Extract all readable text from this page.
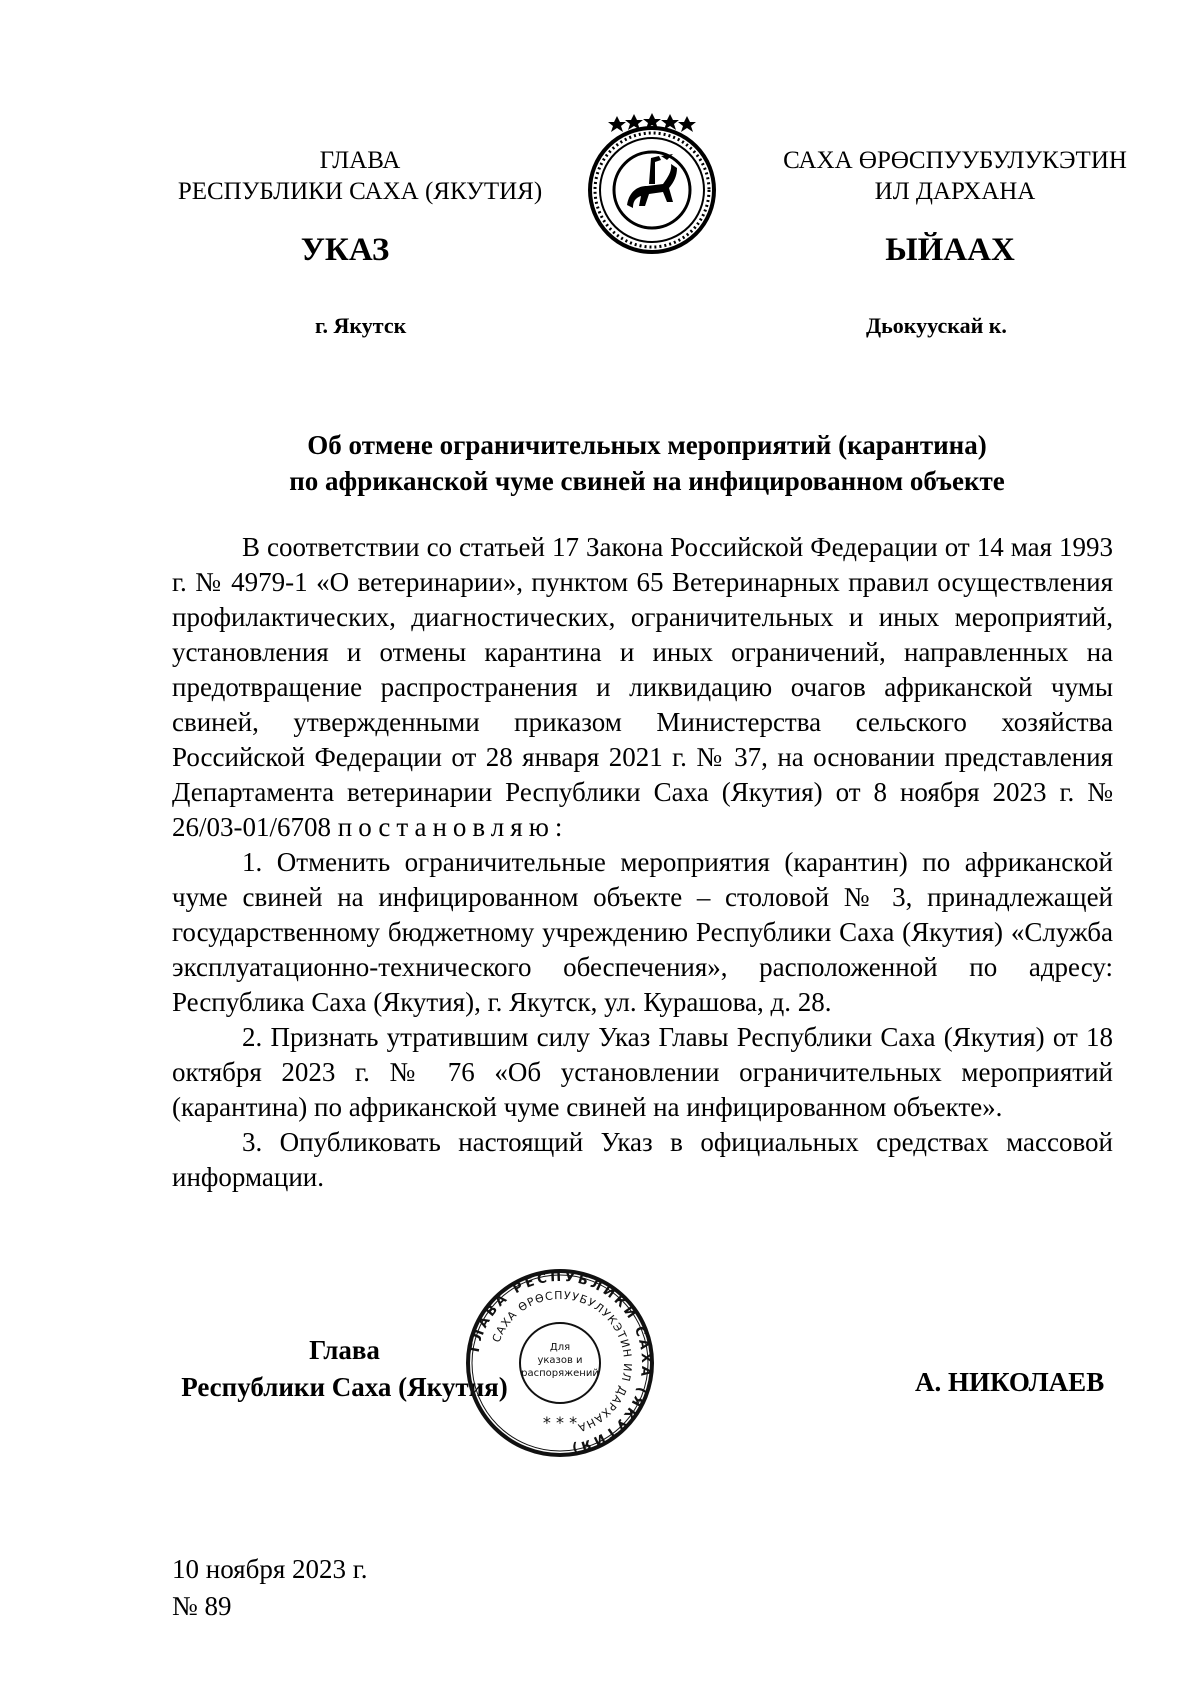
ГЛАВА
РЕСПУБЛИКИ САХА (ЯКУТИЯ)
САХА ӨРӨСПУУБУЛУКЭТИН
ИЛ ДАРХАНА
УКАЗ	ЫЙААХ
г. Якутск	Дьокуускай к.
Об отмене ограничительных мероприятий (карантина)
по африканской чуме свиней на инфицированном объекте

В соответствии со статьей 17 Закона Российской Федерации от 14 мая 1993 г. № 4979-1 «О ветеринарии», пунктом 65 Ветеринарных правил осуществления профилактических, диагностических, ограничительных и иных мероприятий, установления и отмены карантина и иных ограничений, направленных на предотвращение распространения и ликвидацию очагов африканской чумы свиней, утвержденными приказом Министерства сельского хозяйства Российской Федерации от 28 января 2021 г. № 37, на основании представления Департамента ветеринарии Республики Саха (Якутия) от 8 ноября 2023 г. № 26/03-01/6708 постановляю:

1. Отменить ограничительные мероприятия (карантин) по африканской чуме свиней на инфицированном объекте – столовой № 3, принадлежащей государственному бюджетному учреждению Республики Саха (Якутия) «Служба эксплуатационно-технического обеспечения», расположенной по адресу: Республика Саха (Якутия), г. Якутск, ул. Курашова, д. 28.

2. Признать утратившим силу Указ Главы Республики Саха (Якутия) от 18 октября 2023 г. № 76 «Об установлении ограничительных мероприятий (карантина) по африканской чуме свиней на инфицированном объекте».

3. Опубликовать настоящий Указ в официальных средствах массовой информации.

Глава
Республики Саха (Якутия)	А. НИКОЛАЕВ
ГЛАВА РЕСПУБЛИКИ САХА (ЯКУТИЯ)
САХА ӨРӨСПУУБУЛУКЭТИН ИЛ ДАРХАНА
Для
указов и
распоряжений
* * *
10 ноября 2023 г.
№ 89
